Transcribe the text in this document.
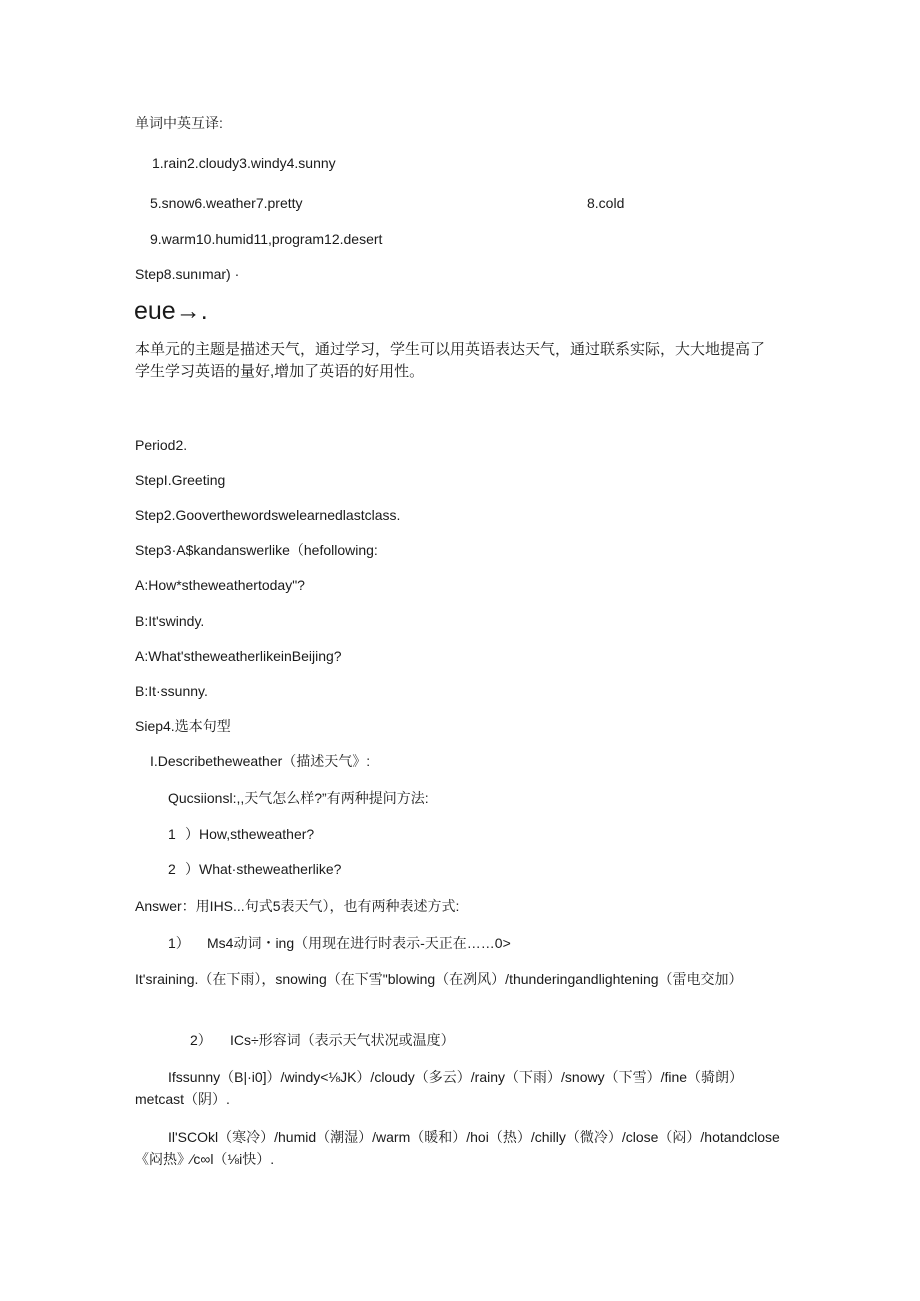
单词中英互译:
1.rain2.cloudy3.windy4.sunny
5.snow6.weather7.pretty	8.cold
9.warm10.humid11,program12.desert
Step8.sunımar) ·
eue→.
本单元的主题是描述天气，通过学习，学生可以用英语表达天气，通过联系实际，大大地提高了学生学习英语的量好,增加了英语的好用性。
Period2.
StepI.Greeting
Step2.Gooverthewordswelearnedlastclass.
Step3·A$kandanswerlike（hefollowing:
A:How*stheweathertoday"?
B:It'swindy.
A:What'stheweatherlikeinBeijing?
B:It·ssunny.
Siep4.选本句型
I.Describetheweather（描述天气》:
Qucsiionsl:,,天气怎么样?”有两种提问方法:
1 ）How,stheweather?
2 ）What·stheweatherlike?
Answer：用IHS...句式5表天气），也有两种表述方式:
1） Ms4动词・ing（用现在进行时表示-天正在……0>
It'sraining.（在下雨），snowing（在下雪"blowing（在冽风）/thunderingandlightening（雷电交加）
2） ICs÷形容词（表示天气状况或温度）
Ifssunny（B|·i0]）/windy<⅛JK）/cloudy（多云）/rainy（下雨）/snowy（下雪）/fine（骑朗）metcast（阴）.
Il'SCOkl（寒冷）/humid（潮湿）/warm（暖和）/hoi（热）/chilly（微冷）/close（闷）/hotandclose《闷热》∕c∞l（⅛i快）.
